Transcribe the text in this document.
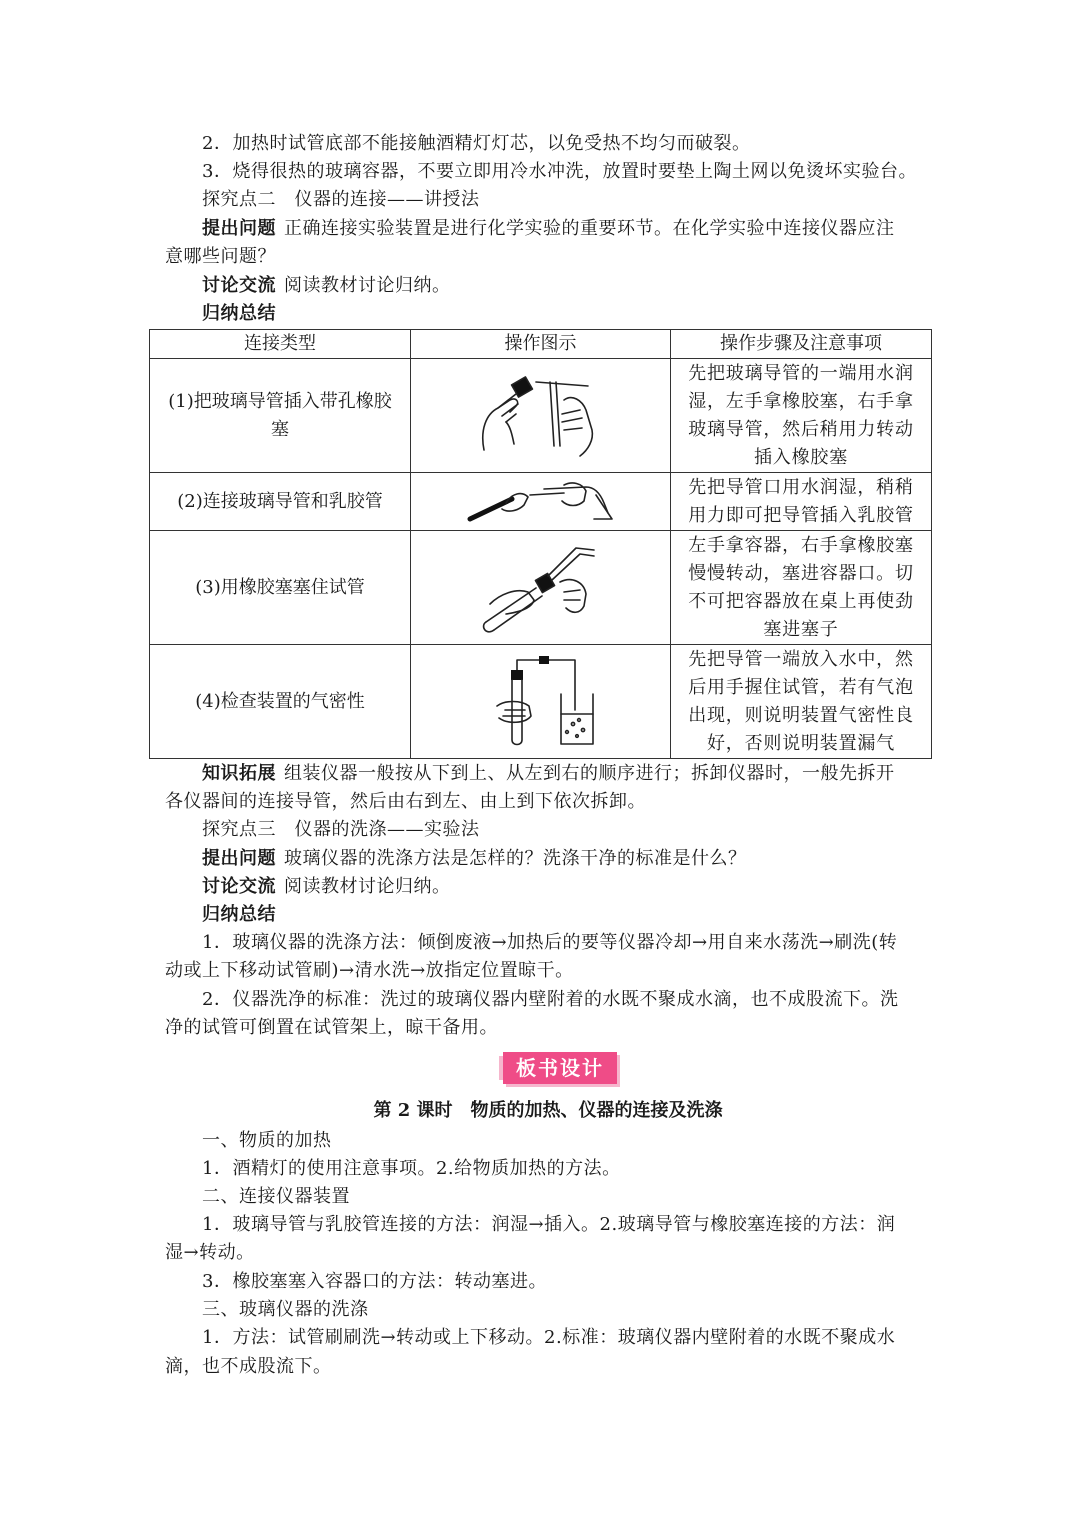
2．加热时试管底部不能接触酒精灯灯芯，以免受热不均匀而破裂。
3．烧得很热的玻璃容器，不要立即用冷水冲洗，放置时要垫上陶土网以免烫坏实验台。
探究点二　仪器的连接——讲授法
提出问题 正确连接实验装置是进行化学实验的重要环节。在化学实验中连接仪器应注
意哪些问题？
讨论交流 阅读教材讨论归纳。
归纳总结
连接类型	操作图示	操作步骤及注意事项
(1)把玻璃导管插入带孔橡胶塞		先把玻璃导管的一端用水润湿，左手拿橡胶塞，右手拿玻璃导管，然后稍用力转动插入橡胶塞
(2)连接玻璃导管和乳胶管		先把导管口用水润湿，稍稍用力即可把导管插入乳胶管
(3)用橡胶塞塞住试管		左手拿容器，右手拿橡胶塞慢慢转动，塞进容器口。切不可把容器放在桌上再使劲塞进塞子
(4)检查装置的气密性		先把导管一端放入水中，然后用手握住试管，若有气泡出现，则说明装置气密性良好，否则说明装置漏气
知识拓展 组装仪器一般按从下到上、从左到右的顺序进行；拆卸仪器时，一般先拆开
各仪器间的连接导管，然后由右到左、由上到下依次拆卸。
探究点三　仪器的洗涤——实验法
提出问题 玻璃仪器的洗涤方法是怎样的？洗涤干净的标准是什么？
讨论交流 阅读教材讨论归纳。
归纳总结
1．玻璃仪器的洗涤方法：倾倒废液→加热后的要等仪器冷却→用自来水荡洗→刷洗(转
动或上下移动试管刷)→清水洗→放指定位置晾干。
2．仪器洗净的标准：洗过的玻璃仪器内壁附着的水既不聚成水滴，也不成股流下。洗
净的试管可倒置在试管架上，晾干备用。
板书设计
第 2 课时　物质的加热、仪器的连接及洗涤
一、物质的加热
1．酒精灯的使用注意事项。2.给物质加热的方法。
二、连接仪器装置
1．玻璃导管与乳胶管连接的方法：润湿→插入。2.玻璃导管与橡胶塞连接的方法：润
湿→转动。
3．橡胶塞塞入容器口的方法：转动塞进。
三、玻璃仪器的洗涤
1．方法：试管刷刷洗→转动或上下移动。2.标准：玻璃仪器内壁附着的水既不聚成水
滴，也不成股流下。
